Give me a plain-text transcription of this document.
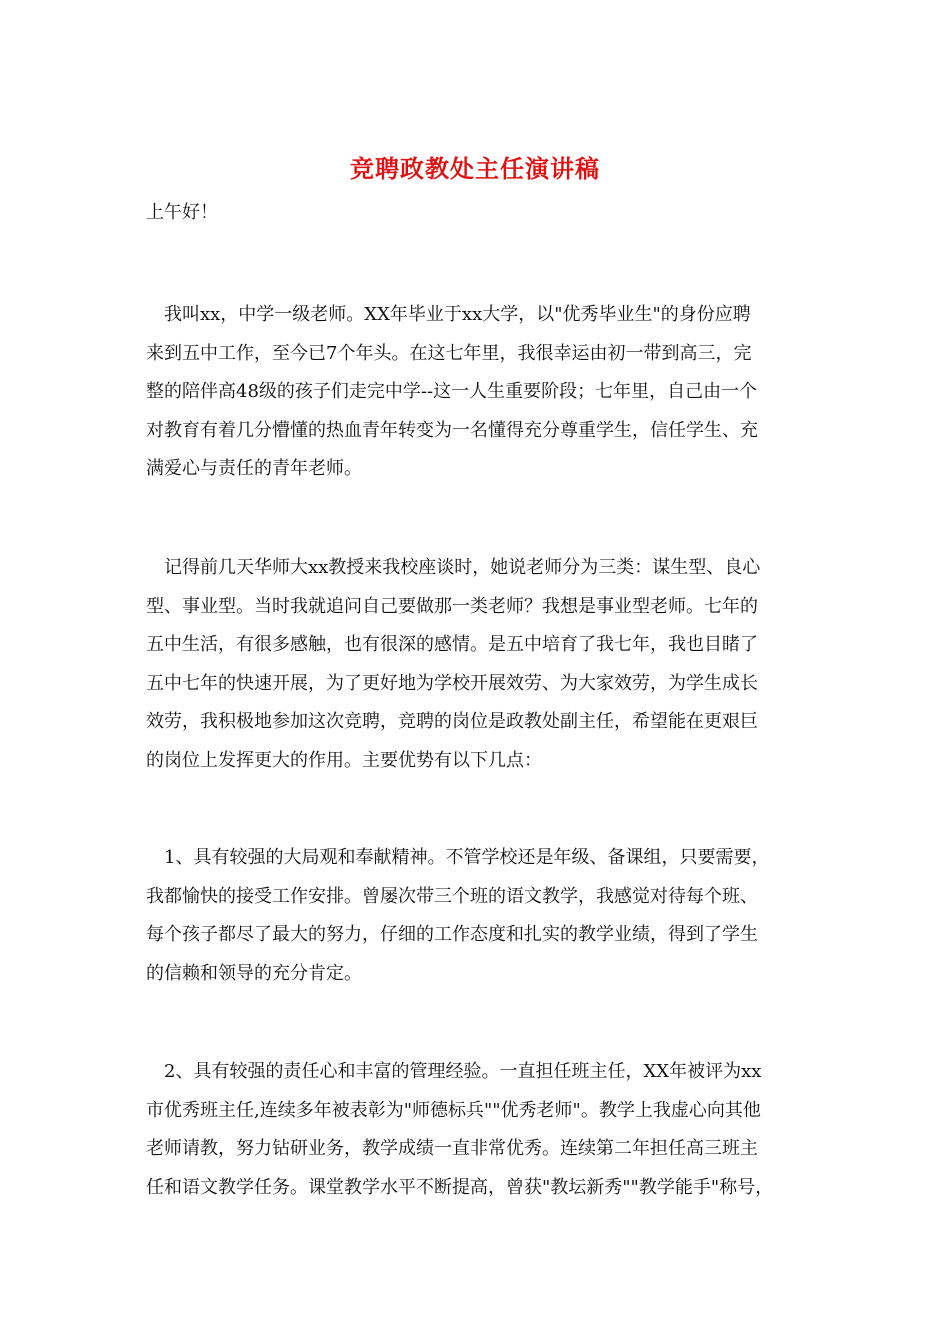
竞聘政教处主任演讲稿
上午好！

　我叫xx，中学一级老师。XX年毕业于xx大学，以"优秀毕业生"的身份应聘
来到五中工作，至今已7个年头。在这七年里，我很幸运由初一带到高三，完
整的陪伴高48级的孩子们走完中学--这一人生重要阶段；七年里，自己由一个
对教育有着几分懵懂的热血青年转变为一名懂得充分尊重学生，信任学生、充
满爱心与责任的青年老师。

　记得前几天华师大xx教授来我校座谈时，她说老师分为三类：谋生型、良心
型、事业型。当时我就追问自己要做那一类老师？我想是事业型老师。七年的
五中生活，有很多感触，也有很深的感情。是五中培育了我七年，我也目睹了
五中七年的快速开展，为了更好地为学校开展效劳、为大家效劳，为学生成长
效劳，我积极地参加这次竞聘，竞聘的岗位是政教处副主任，希望能在更艰巨
的岗位上发挥更大的作用。主要优势有以下几点：

　1、具有较强的大局观和奉献精神。不管学校还是年级、备课组，只要需要，
我都愉快的接受工作安排。曾屡次带三个班的语文教学，我感觉对待每个班、
每个孩子都尽了最大的努力，仔细的工作态度和扎实的教学业绩，得到了学生
的信赖和领导的充分肯定。

　2、具有较强的责任心和丰富的管理经验。一直担任班主任，XX年被评为xx
市优秀班主任,连续多年被表彰为"师德标兵""优秀老师"。教学上我虚心向其他
老师请教，努力钻研业务，教学成绩一直非常优秀。连续第二年担任高三班主
任和语文教学任务。课堂教学水平不断提高，曾获"教坛新秀""教学能手"称号，
